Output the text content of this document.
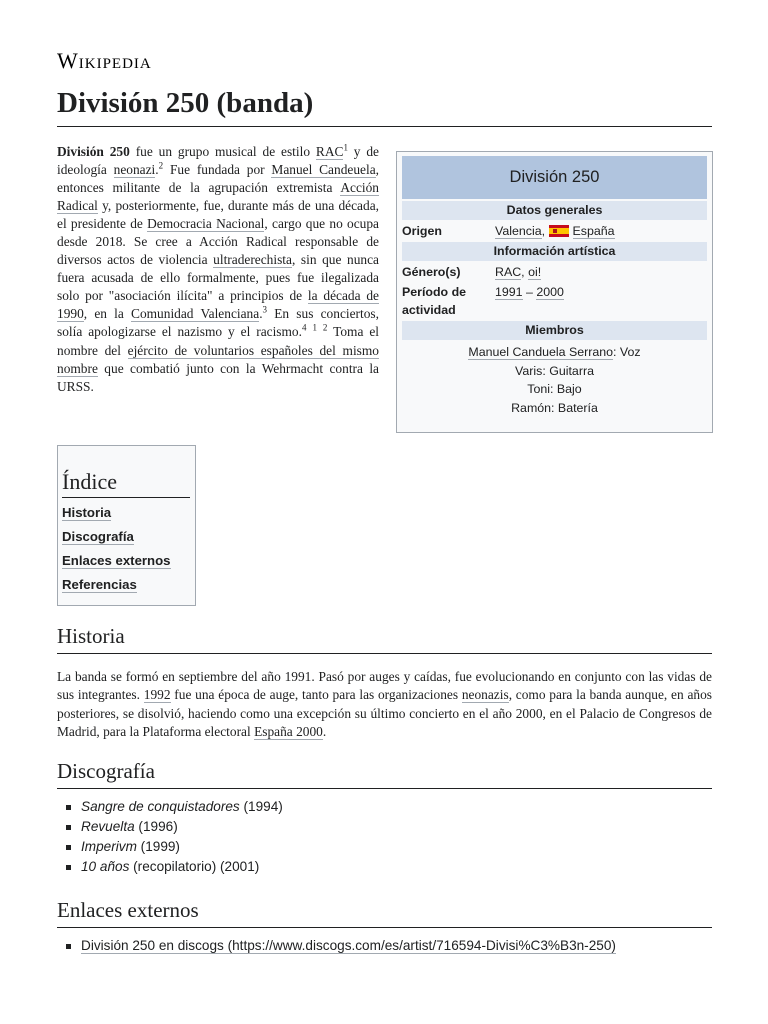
Wikipedia
División 250 (banda)

División 250 fue un grupo musical de estilo RAC$^1$ y de ideología neonazi.$^2$ Fue fundada por Manuel Candeuela, entonces militante de la agrupación extremista Acción Radical y, posteriormente, fue, durante más de una década, el presidente de Democracia Nacional, cargo que no ocupa desde 2018. Se cree a Acción Radical responsable de diversos actos de violencia ultraderechista, sin que nunca fuera acusada de ello formalmente, pues fue ilegalizada solo por "asociación ilícita" a principios de la década de 1990, en la Comunidad Valenciana.$^3$ En sus conciertos, solía apologizarse el nazismo y el racismo.$^4$ $^1$ $^2$ Toma el nombre del ejército de voluntarios españoles del mismo nombre que combatió junto con la Wehrmacht contra la URSS.

División 250
Datos generales
Origen	Valencia, España
Información artística
Género(s)	RAC, oi!
Período de actividad
1991 – 2000
Miembros
Manuel Canduela Serrano: Voz
Varis: Guitarra
Toni: Bajo
Ramón: Batería
Índice
Historia
Discografía
Enlaces externos
Referencias
Historia

La banda se formó en septiembre del año 1991. Pasó por auges y caídas, fue evolucionando en conjunto con las vidas de sus integrantes. 1992 fue una época de auge, tanto para las organizaciones neonazis, como para la banda aunque, en años posteriores, se disolvió, haciendo como una excepción su último concierto en el año 2000, en el Palacio de Congresos de Madrid, para la Plataforma electoral España 2000.

Discografía
Sangre de conquistadores (1994)
Revuelta (1996)
Imperivm (1999)
10 años (recopilatorio) (2001)
Enlaces externos
División 250 en discogs (https://www.discogs.com/es/artist/716594-Divisi%C3%B3n-250)
